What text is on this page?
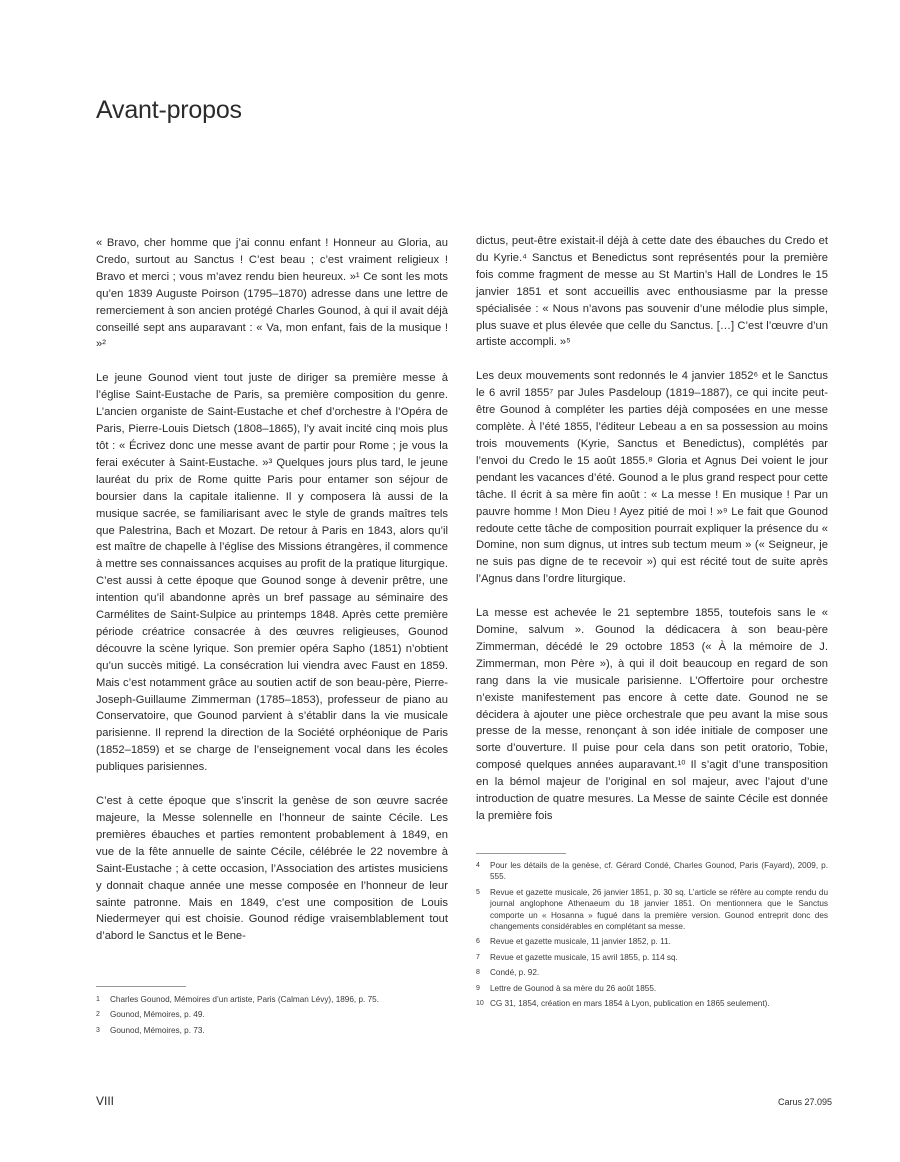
Avant-propos

« Bravo, cher homme que j’ai connu enfant ! Honneur au Gloria, au Credo, surtout au Sanctus ! C’est beau ; c’est vraiment religieux ! Bravo et merci ; vous m’avez rendu bien heureux. »¹ Ce sont les mots qu’en 1839 Auguste Poirson (1795–1870) adresse dans une lettre de remerciement à son ancien protégé Charles Gounod, à qui il avait déjà conseillé sept ans auparavant : « Va, mon enfant, fais de la musique ! »²

Le jeune Gounod vient tout juste de diriger sa première messe à l’église Saint-Eustache de Paris, sa première composition du genre. L’ancien organiste de Saint-Eustache et chef d’orchestre à l’Opéra de Paris, Pierre-Louis Dietsch (1808–1865), l’y avait incité cinq mois plus tôt : « Écrivez donc une messe avant de partir pour Rome ; je vous la ferai exécuter à Saint-Eustache. »³ Quelques jours plus tard, le jeune lauréat du prix de Rome quitte Paris pour entamer son séjour de boursier dans la capitale italienne. Il y composera là aussi de la musique sacrée, se familiarisant avec le style de grands maîtres tels que Palestrina, Bach et Mozart. De retour à Paris en 1843, alors qu’il est maître de chapelle à l’église des Missions étrangères, il commence à mettre ses connaissances acquises au profit de la pratique liturgique. C’est aussi à cette époque que Gounod songe à devenir prêtre, une intention qu’il abandonne après un bref passage au séminaire des Carmélites de Saint-Sulpice au printemps 1848. Après cette première période créatrice consacrée à des œuvres religieuses, Gounod découvre la scène lyrique. Son premier opéra Sapho (1851) n’obtient qu’un succès mitigé. La consécration lui viendra avec Faust en 1859. Mais c’est notamment grâce au soutien actif de son beau-père, Pierre-Joseph-Guillaume Zimmerman (1785–1853), professeur de piano au Conservatoire, que Gounod parvient à s’établir dans la vie musicale parisienne. Il reprend la direction de la Société orphéonique de Paris (1852–1859) et se charge de l’enseignement vocal dans les écoles publiques parisiennes.

C’est à cette époque que s’inscrit la genèse de son œuvre sacrée majeure, la Messe solennelle en l’honneur de sainte Cécile. Les premières ébauches et parties remontent probablement à 1849, en vue de la fête annuelle de sainte Cécile, célébrée le 22 novembre à Saint-Eustache ; à cette occasion, l’Association des artistes musiciens y donnait chaque année une messe composée en l’honneur de leur sainte patronne. Mais en 1849, c’est une composition de Louis Niedermeyer qui est choisie. Gounod rédige vraisemblablement tout d’abord le Sanctus et le Bene-

dictus, peut-être existait-il déjà à cette date des ébauches du Credo et du Kyrie.⁴ Sanctus et Benedictus sont représentés pour la première fois comme fragment de messe au St Martin’s Hall de Londres le 15 janvier 1851 et sont accueillis avec enthousiasme par la presse spécialisée : « Nous n’avons pas souvenir d’une mélodie plus simple, plus suave et plus élevée que celle du Sanctus. […] C’est l’œuvre d’un artiste accompli. »⁵

Les deux mouvements sont redonnés le 4 janvier 1852⁶ et le Sanctus le 6 avril 1855⁷ par Jules Pasdeloup (1819–1887), ce qui incite peut-être Gounod à compléter les parties déjà composées en une messe complète. À l’été 1855, l’éditeur Lebeau a en sa possession au moins trois mouvements (Kyrie, Sanctus et Benedictus), complétés par l’envoi du Credo le 15 août 1855.⁸ Gloria et Agnus Dei voient le jour pendant les vacances d’été. Gounod a le plus grand respect pour cette tâche. Il écrit à sa mère fin août : « La messe ! En musique ! Par un pauvre homme ! Mon Dieu ! Ayez pitié de moi ! »⁹ Le fait que Gounod redoute cette tâche de composition pourrait expliquer la présence du « Domine, non sum dignus, ut intres sub tectum meum » (« Seigneur, je ne suis pas digne de te recevoir ») qui est récité tout de suite après l’Agnus dans l’ordre liturgique.

La messe est achevée le 21 septembre 1855, toutefois sans le « Domine, salvum ». Gounod la dédicacera à son beau-père Zimmerman, décédé le 29 octobre 1853 (« À la mémoire de J. Zimmerman, mon Père »), à qui il doit beaucoup en regard de son rang dans la vie musicale parisienne. L’Offertoire pour orchestre n’existe manifestement pas encore à cette date. Gounod ne se décidera à ajouter une pièce orchestrale que peu avant la mise sous presse de la messe, renonçant à son idée initiale de composer une sorte d’ouverture. Il puise pour cela dans son petit oratorio, Tobie, composé quelques années auparavant.¹⁰ Il s’agit d’une transposition en la bémol majeur de l’original en sol majeur, avec l’ajout d’une introduction de quatre mesures. La Messe de sainte Cécile est donnée la première fois

1	Charles Gounod, Mémoires d’un artiste, Paris (Calman Lévy), 1896, p. 75.
2	Gounod, Mémoires, p. 49.
3	Gounod, Mémoires, p. 73.
4	Pour les détails de la genèse, cf. Gérard Condé, Charles Gounod, Paris (Fayard), 2009, p. 555.
5	Revue et gazette musicale, 26 janvier 1851, p. 30 sq. L’article se réfère au compte rendu du journal anglophone Athenaeum du 18 janvier 1851. On mentionnera que le Sanctus comporte un « Hosanna » fugué dans la première version. Gounod entreprit donc des changements considérables en complétant sa messe.
6	Revue et gazette musicale, 11 janvier 1852, p. 11.
7	Revue et gazette musicale, 15 avril 1855, p. 114 sq.
8	Condé, p. 92.
9	Lettre de Gounod à sa mère du 26 août 1855.
10 CG 31, 1854, création en mars 1854 à Lyon, publication en 1865 seulement).
VIII	Carus 27.095
